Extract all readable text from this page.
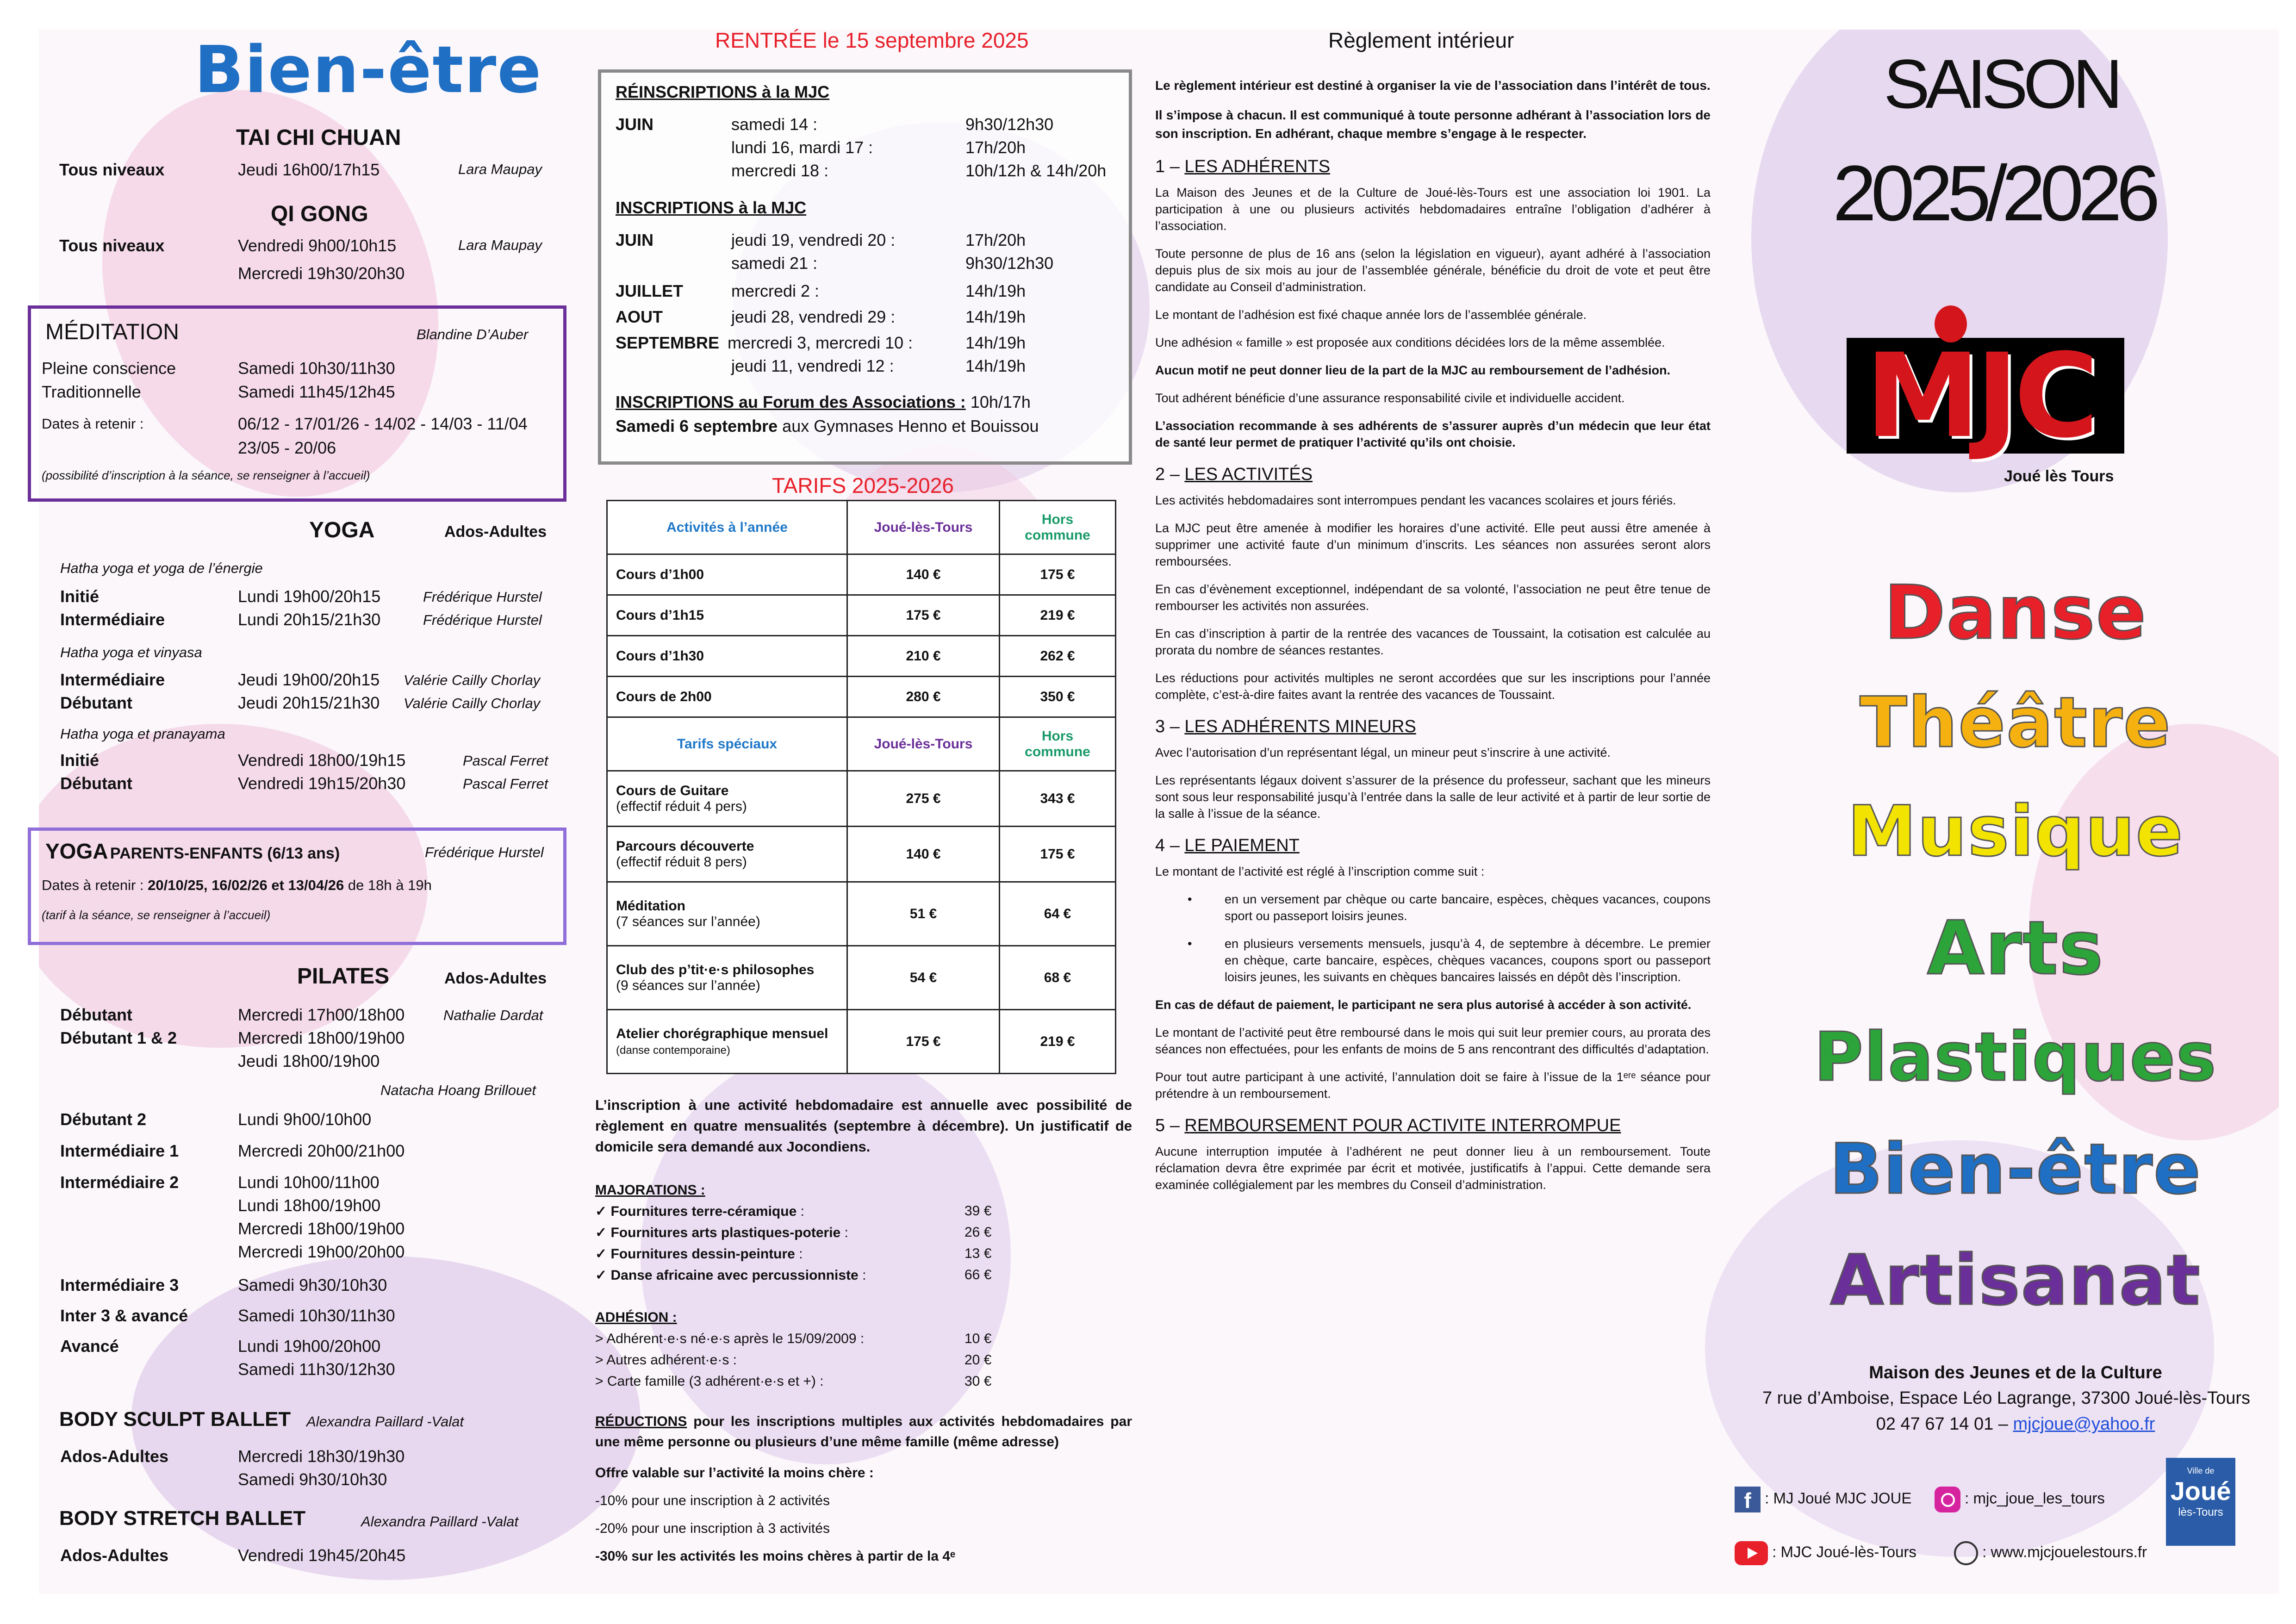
Bien-être
TAI CHI CHUAN
Tous niveaux	Jeudi 16h00/17h15	Lara Maupay
QI GONG
Tous niveaux	Vendredi 9h00/10h15	Lara Maupay
Mercredi 19h30/20h30
MÉDITATION	Blandine D’Auber
Pleine conscience	Samedi 10h30/11h30
Traditionnelle	Samedi 11h45/12h45
Dates à retenir :	06/12 - 17/01/26 - 14/02 - 14/03 - 11/04
23/05 - 20/06
(possibilité d’inscription à la séance, se renseigner à l’accueil)
YOGA	Ados-Adultes
Hatha yoga et yoga de l’énergie
Initié	Lundi 19h00/20h15	Frédérique Hurstel
Intermédiaire	Lundi 20h15/21h30	Frédérique Hurstel
Hatha yoga et vinyasa
Intermédiaire	Jeudi 19h00/20h15 Valérie Cailly Chorlay
Débutant	Jeudi 20h15/21h30 Valérie Cailly Chorlay
Hatha yoga et pranayama
Initié	Vendredi 18h00/19h15	Pascal Ferret
Débutant	Vendredi 19h15/20h30	Pascal Ferret
YOGA PARENTS-ENFANTS (6/13 ans)	Frédérique Hurstel
Dates à retenir : 20/10/25, 16/02/26 et 13/04/26 de 18h à 19h
(tarif à la séance, se renseigner à l’accueil)
PILATES	Ados-Adultes
Débutant	Mercredi 17h00/18h00	Nathalie Dardat
Débutant 1 & 2	Mercredi 18h00/19h00
Jeudi 18h00/19h00
Natacha Hoang Brillouet
Débutant 2	Lundi 9h00/10h00
Intermédiaire 1	Mercredi 20h00/21h00
Intermédiaire 2	Lundi 10h00/11h00
Lundi 18h00/19h00
Mercredi 18h00/19h00
Mercredi 19h00/20h00
Intermédiaire 3	Samedi 9h30/10h30
Inter 3 & avancé	Samedi 10h30/11h30
Avancé	Lundi 19h00/20h00
Samedi 11h30/12h30
BODY SCULPT BALLET Alexandra Paillard -Valat
Ados-Adultes	Mercredi 18h30/19h30
Samedi 9h30/10h30
BODY STRETCH BALLET	Alexandra Paillard -Valat
Ados-Adultes	Vendredi 19h45/20h45
RENTRÉE le 15 septembre 2025
RÉINSCRIPTIONS à la MJC
JUIN	samedi 14 :	9h30/12h30
lundi 16, mardi 17 :	17h/20h
mercredi 18 :	10h/12h & 14h/20h
INSCRIPTIONS à la MJC
JUIN	jeudi 19, vendredi 20 :	17h/20h
samedi 21 :	9h30/12h30
JUILLET	mercredi 2 :	14h/19h
AOUT	jeudi 28, vendredi 29 :	14h/19h
SEPTEMBRE mercredi 3, mercredi 10 :	14h/19h
jeudi 11, vendredi 12 :	14h/19h
INSCRIPTIONS au Forum des Associations : 10h/17h
Samedi 6 septembre aux Gymnases Henno et Bouissou
TARIFS 2025-2026
Activités à l’année	Joué-lès-Tours	Hors commune
Cours d’1h00	140 €	175 €
Cours d’1h15	175 €	219 €
Cours d’1h30	210 €	262 €
Cours de 2h00	280 €	350 €
Tarifs spéciaux	Joué-lès-Tours	Hors commune
Cours de Guitare
(effectif réduit 4 pers)	275 €	343 €
Parcours découverte
(effectif réduit 8 pers)	140 €	175 €
Méditation
(7 séances sur l’année)	51 €	64 €
Club des p’tit·e·s philosophes
(9 séances sur l’année)	54 €	68 €
Atelier chorégraphique mensuel (danse contemporaine)	175 €	219 €
L’inscription à une activité hebdomadaire est annuelle avec possibilité de règlement en quatre mensualités (septembre à décembre). Un justificatif de domicile sera demandé aux Jocondiens.
MAJORATIONS :
✓ Fournitures terre-céramique :	39 €
✓ Fournitures arts plastiques-poterie :	26 €
✓ Fournitures dessin-peinture :	13 €
✓ Danse africaine avec percussionniste :	66 €
ADHÉSION :
> Adhérent·e·s né·e·s après le 15/09/2009 :	10 €
> Autres adhérent·e·s :	20 €
> Carte famille (3 adhérent·e·s et +) :	30 €
RÉDUCTIONS pour les inscriptions multiples aux activités hebdomadaires par une même personne ou plusieurs d’une même famille (même adresse)
Offre valable sur l’activité la moins chère :
-10% pour une inscription à 2 activités
-20% pour une inscription à 3 activités
-30% sur les activités les moins chères à partir de la 4ᵉ
Règlement intérieur

Le règlement intérieur est destiné à organiser la vie de l’association dans l’intérêt de tous.

Il s’impose à chacun. Il est communiqué à toute personne adhérant à l’association lors de son inscription. En adhérant, chaque membre s’engage à le respecter.

1 – LES ADHÉRENTS

La Maison des Jeunes et de la Culture de Joué-lès-Tours est une association loi 1901. La participation à une ou plusieurs activités hebdomadaires entraîne l’obligation d’adhérer à l’association.

Toute personne de plus de 16 ans (selon la législation en vigueur), ayant adhéré à l’association depuis plus de six mois au jour de l’assemblée générale, bénéficie du droit de vote et peut être candidate au Conseil d’administration.

Le montant de l’adhésion est fixé chaque année lors de l’assemblée générale.

Une adhésion « famille » est proposée aux conditions décidées lors de la même assemblée.

Aucun motif ne peut donner lieu de la part de la MJC au remboursement de l’adhésion.

Tout adhérent bénéficie d’une assurance responsabilité civile et individuelle accident.

L’association recommande à ses adhérents de s’assurer auprès d’un médecin que leur état de santé leur permet de pratiquer l’activité qu’ils ont choisie.

2 – LES ACTIVITÉS

Les activités hebdomadaires sont interrompues pendant les vacances scolaires et jours fériés.

La MJC peut être amenée à modifier les horaires d’une activité. Elle peut aussi être amenée à supprimer une activité faute d’un minimum d’inscrits. Les séances non assurées seront alors remboursées.

En cas d’évènement exceptionnel, indépendant de sa volonté, l’association ne peut être tenue de rembourser les activités non assurées.

En cas d’inscription à partir de la rentrée des vacances de Toussaint, la cotisation est calculée au prorata du nombre de séances restantes.

Les réductions pour activités multiples ne seront accordées que sur les inscriptions pour l’année complète, c’est-à-dire faites avant la rentrée des vacances de Toussaint.

3 – LES ADHÉRENTS MINEURS

Avec l’autorisation d’un représentant légal, un mineur peut s’inscrire à une activité.

Les représentants légaux doivent s’assurer de la présence du professeur, sachant que les mineurs sont sous leur responsabilité jusqu’à l’entrée dans la salle de leur activité et à partir de leur sortie de la salle à l’issue de la séance.

4 – LE PAIEMENT

Le montant de l’activité est réglé à l’inscription comme suit :

•	en un versement par chèque ou carte bancaire, espèces, chèques vacances, coupons sport ou passeport loisirs jeunes.

•	en plusieurs versements mensuels, jusqu’à 4, de septembre à décembre. Le premier en chèque, carte bancaire, espèces, chèques vacances, coupons sport ou passeport loisirs jeunes, les suivants en chèques bancaires laissés en dépôt dès l’inscription.

En cas de défaut de paiement, le participant ne sera plus autorisé à accéder à son activité.

Le montant de l’activité peut être remboursé dans le mois qui suit leur premier cours, au prorata des séances non effectuées, pour les enfants de moins de 5 ans rencontrant des difficultés d’adaptation.

Pour tout autre participant à une activité, l’annulation doit se faire à l’issue de la 1ᵉʳᵉ séance pour prétendre à un remboursement.

5 – REMBOURSEMENT POUR ACTIVITE INTERROMPUE

Aucune interruption imputée à l’adhérent ne peut donner lieu à un remboursement. Toute réclamation devra être exprimée par écrit et motivée, justificatifs à l’appui. Cette demande sera examinée collégialement par les membres du Conseil d’administration.

SAISON
2025/2026
MJC
Joué lès Tours
Danse
Théâtre
Musique
Arts
Plastiques
Bien-être
Artisanat
Maison des Jeunes et de la Culture
7 rue d’Amboise, Espace Léo Lagrange, 37300 Joué-lès-Tours
02 47 67 14 01 – mjcjoue@yahoo.fr
f : MJ Joué MJC JOUE	: mjc_joue_les_tours
Ville de
Joué
lès-Tours
: MJC Joué-lès-Tours	: www.mjcjouelestours.fr
